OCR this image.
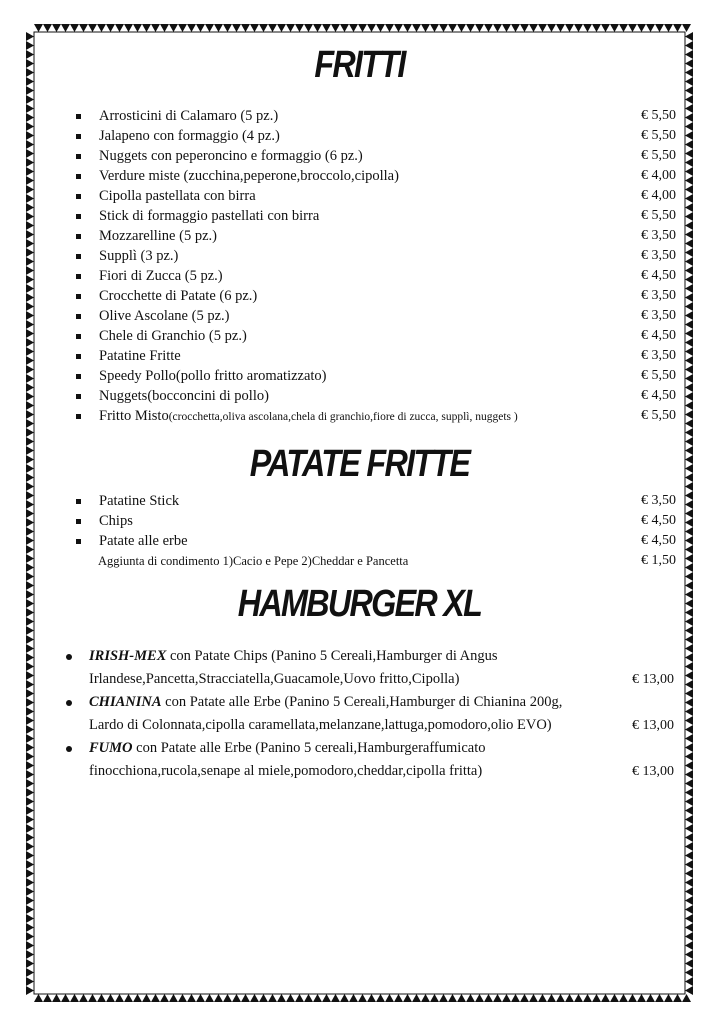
FRITTI
Arrosticini di Calamaro (5 pz.)	€ 5,50
Jalapeno con formaggio (4 pz.)	€ 5,50
Nuggets con peperoncino e formaggio (6 pz.)	€ 5,50
Verdure miste (zucchina,peperone,broccolo,cipolla)	€ 4,00
Cipolla pastellata con birra	€ 4,00
Stick di formaggio pastellati con birra	€ 5,50
Mozzarelline (5 pz.)	€ 3,50
Supplì (3 pz.)	€ 3,50
Fiori di Zucca (5 pz.)	€ 4,50
Crocchette di Patate (6 pz.)	€ 3,50
Olive Ascolane (5 pz.)	€ 3,50
Chele di Granchio (5 pz.)	€ 4,50
Patatine Fritte	€ 3,50
Speedy Pollo(pollo fritto aromatizzato)	€ 5,50
Nuggets(bocconcini di pollo)	€ 4,50
Fritto Misto(crocchetta,oliva ascolana,chela di granchio,fiore di zucca, supplì, nuggets )	€ 5,50
PATATE FRITTE
Patatine Stick	€ 3,50
Chips	€ 4,50
Patate alle erbe	€ 4,50
Aggiunta di condimento 1)Cacio e Pepe 2)Cheddar e Pancetta	€ 1,50
HAMBURGER XL
IRISH-MEX con Patate Chips (Panino 5 Cereali,Hamburger di Angus
Irlandese,Pancetta,Stracciatella,Guacamole,Uovo fritto,Cipolla)	€ 13,00
CHIANINA con Patate alle Erbe (Panino 5 Cereali,Hamburger di Chianina 200g,
Lardo di Colonnata,cipolla caramellata,melanzane,lattuga,pomodoro,olio EVO)	€ 13,00
FUMO con Patate alle Erbe (Panino 5 cereali,Hamburgeraffumicato
finocchiona,rucola,senape al miele,pomodoro,cheddar,cipolla fritta)	€ 13,00
